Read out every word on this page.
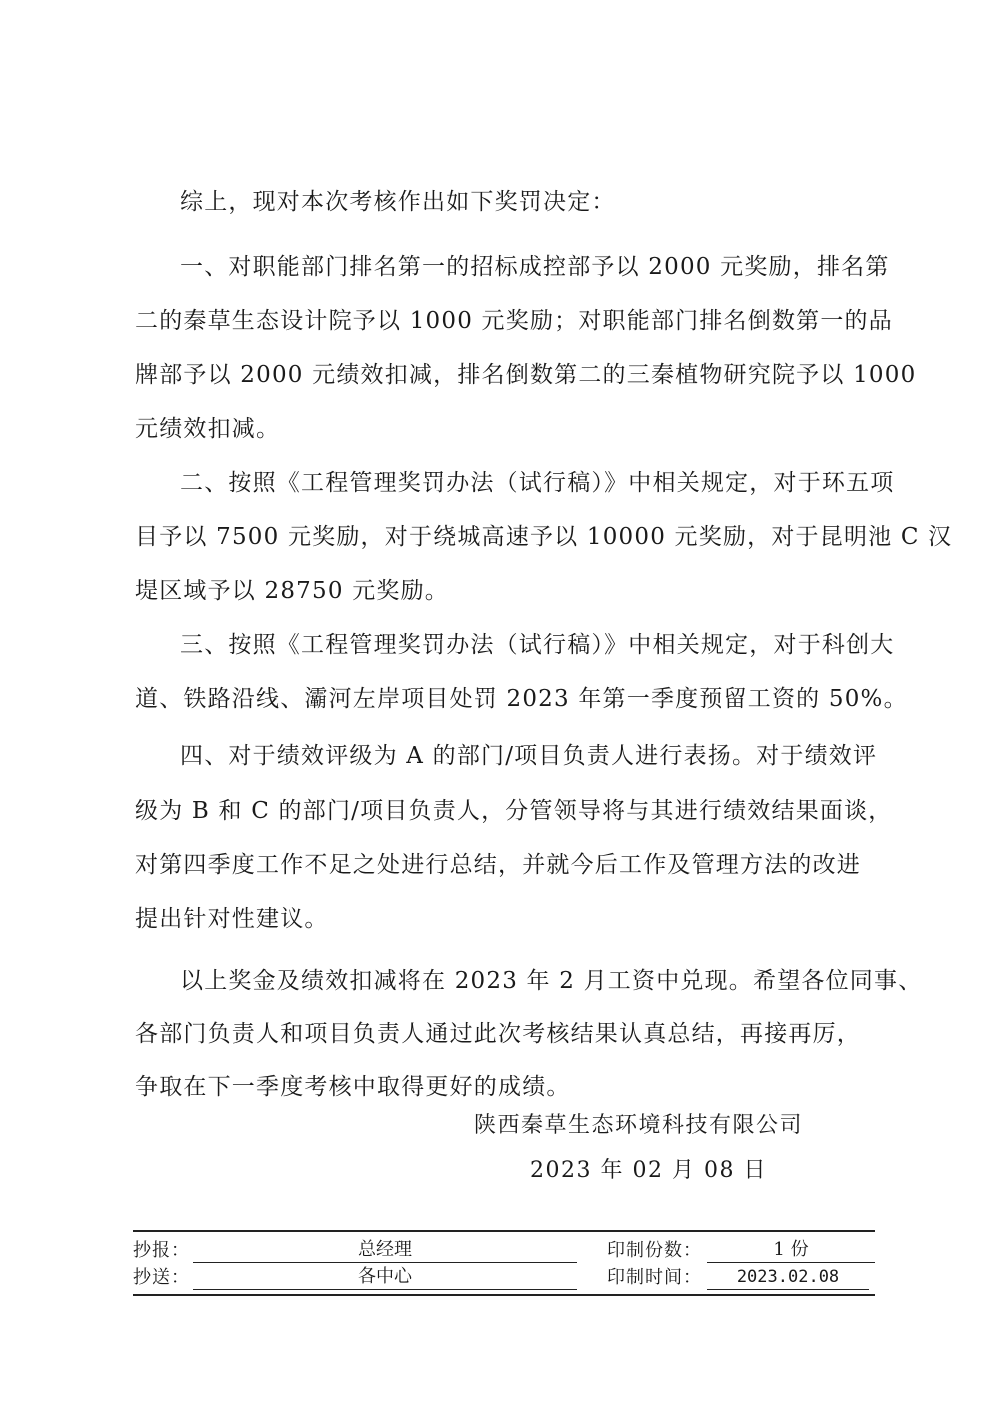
综上，现对本次考核作出如下奖罚决定：
一、对职能部门排名第一的招标成控部予以 2000 元奖励，排名第
二的秦草生态设计院予以 1000 元奖励；对职能部门排名倒数第一的品
牌部予以 2000 元绩效扣减，排名倒数第二的三秦植物研究院予以 1000
元绩效扣减。
二、按照《工程管理奖罚办法（试行稿）》中相关规定，对于环五项
目予以 7500 元奖励，对于绕城高速予以 10000 元奖励，对于昆明池 C 汉
堤区域予以 28750 元奖励。
三、按照《工程管理奖罚办法（试行稿）》中相关规定，对于科创大
道、铁路沿线、灞河左岸项目处罚 2023 年第一季度预留工资的 50%。
四、对于绩效评级为 A 的部门/项目负责人进行表扬。对于绩效评
级为 B 和 C 的部门/项目负责人，分管领导将与其进行绩效结果面谈，
对第四季度工作不足之处进行总结，并就今后工作及管理方法的改进
提出针对性建议。
以上奖金及绩效扣减将在 2023 年 2 月工资中兑现。希望各位同事、
各部门负责人和项目负责人通过此次考核结果认真总结，再接再厉，
争取在下一季度考核中取得更好的成绩。
陕西秦草生态环境科技有限公司
2023 年 02 月 08 日
抄报：	总经理	印制份数：	1 份
抄送：	各中心	印制时间：	2023.02.08
